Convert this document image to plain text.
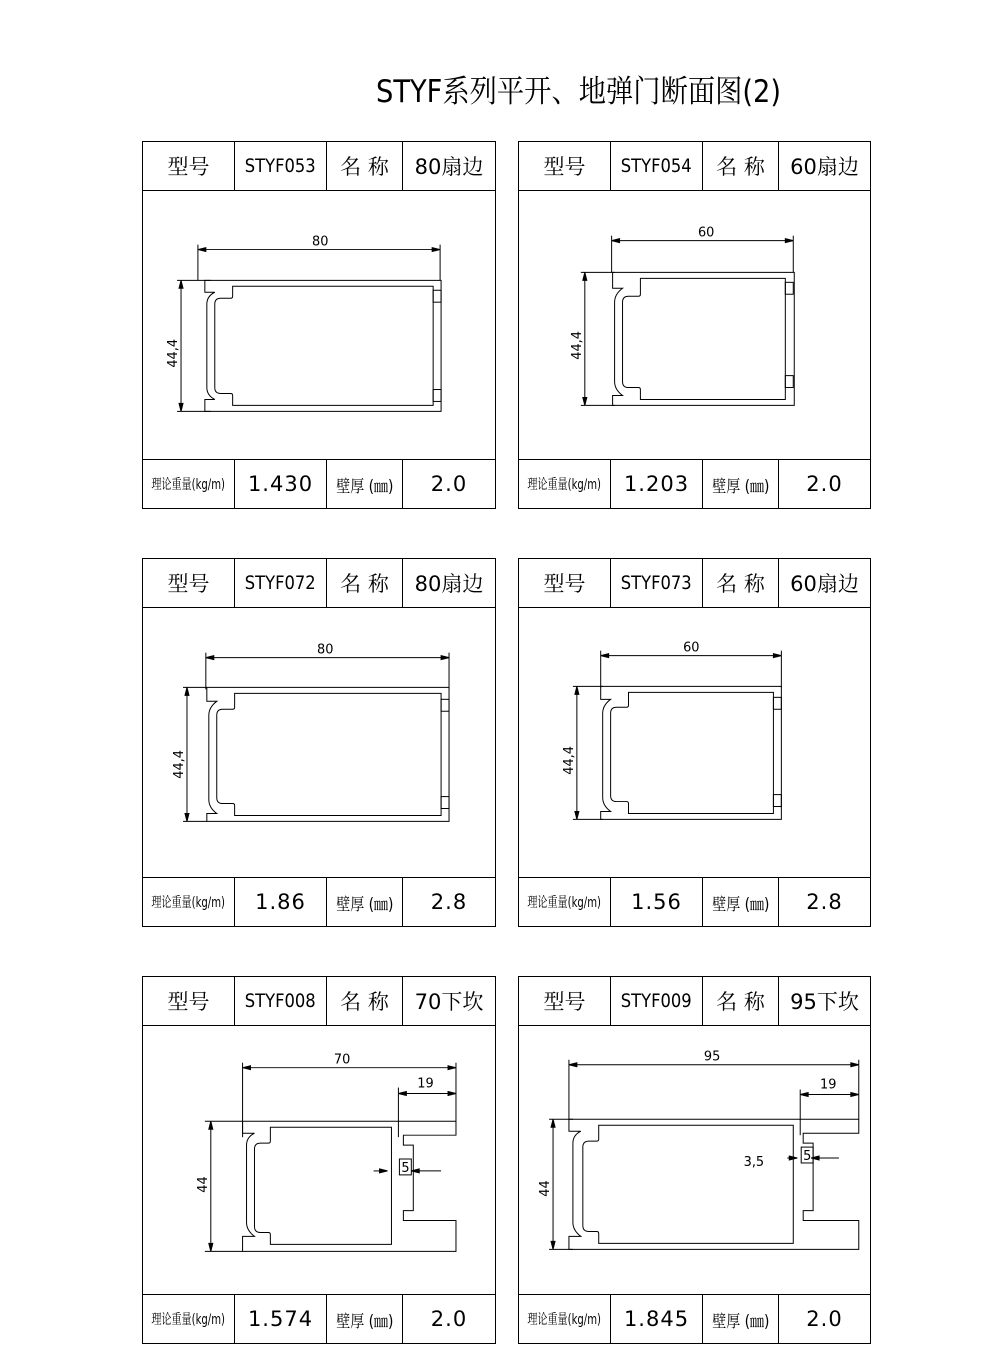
STYF系列平开、地弹门断面图(2)
型号 STYF053 名 称 80扇边
80
44,4
理论重量(kg/m) 1.430 壁厚 (㎜) 2.0
型号 STYF054 名 称 60扇边
60
44,4
理论重量(kg/m) 1.203 壁厚 (㎜) 2.0
型号 STYF072 名 称 80扇边
80
44,4
理论重量(kg/m) 1.86 壁厚 (㎜) 2.8
型号 STYF073 名 称 60扇边
60
44,4
理论重量(kg/m) 1.56 壁厚 (㎜) 2.8
型号 STYF008 名 称 70下坎
70
19
44
5
理论重量(kg/m) 1.574 壁厚 (㎜) 2.0
型号 STYF009 名 称 95下坎
95
19
44
5
3,5
理论重量(kg/m) 1.845 壁厚 (㎜) 2.0
